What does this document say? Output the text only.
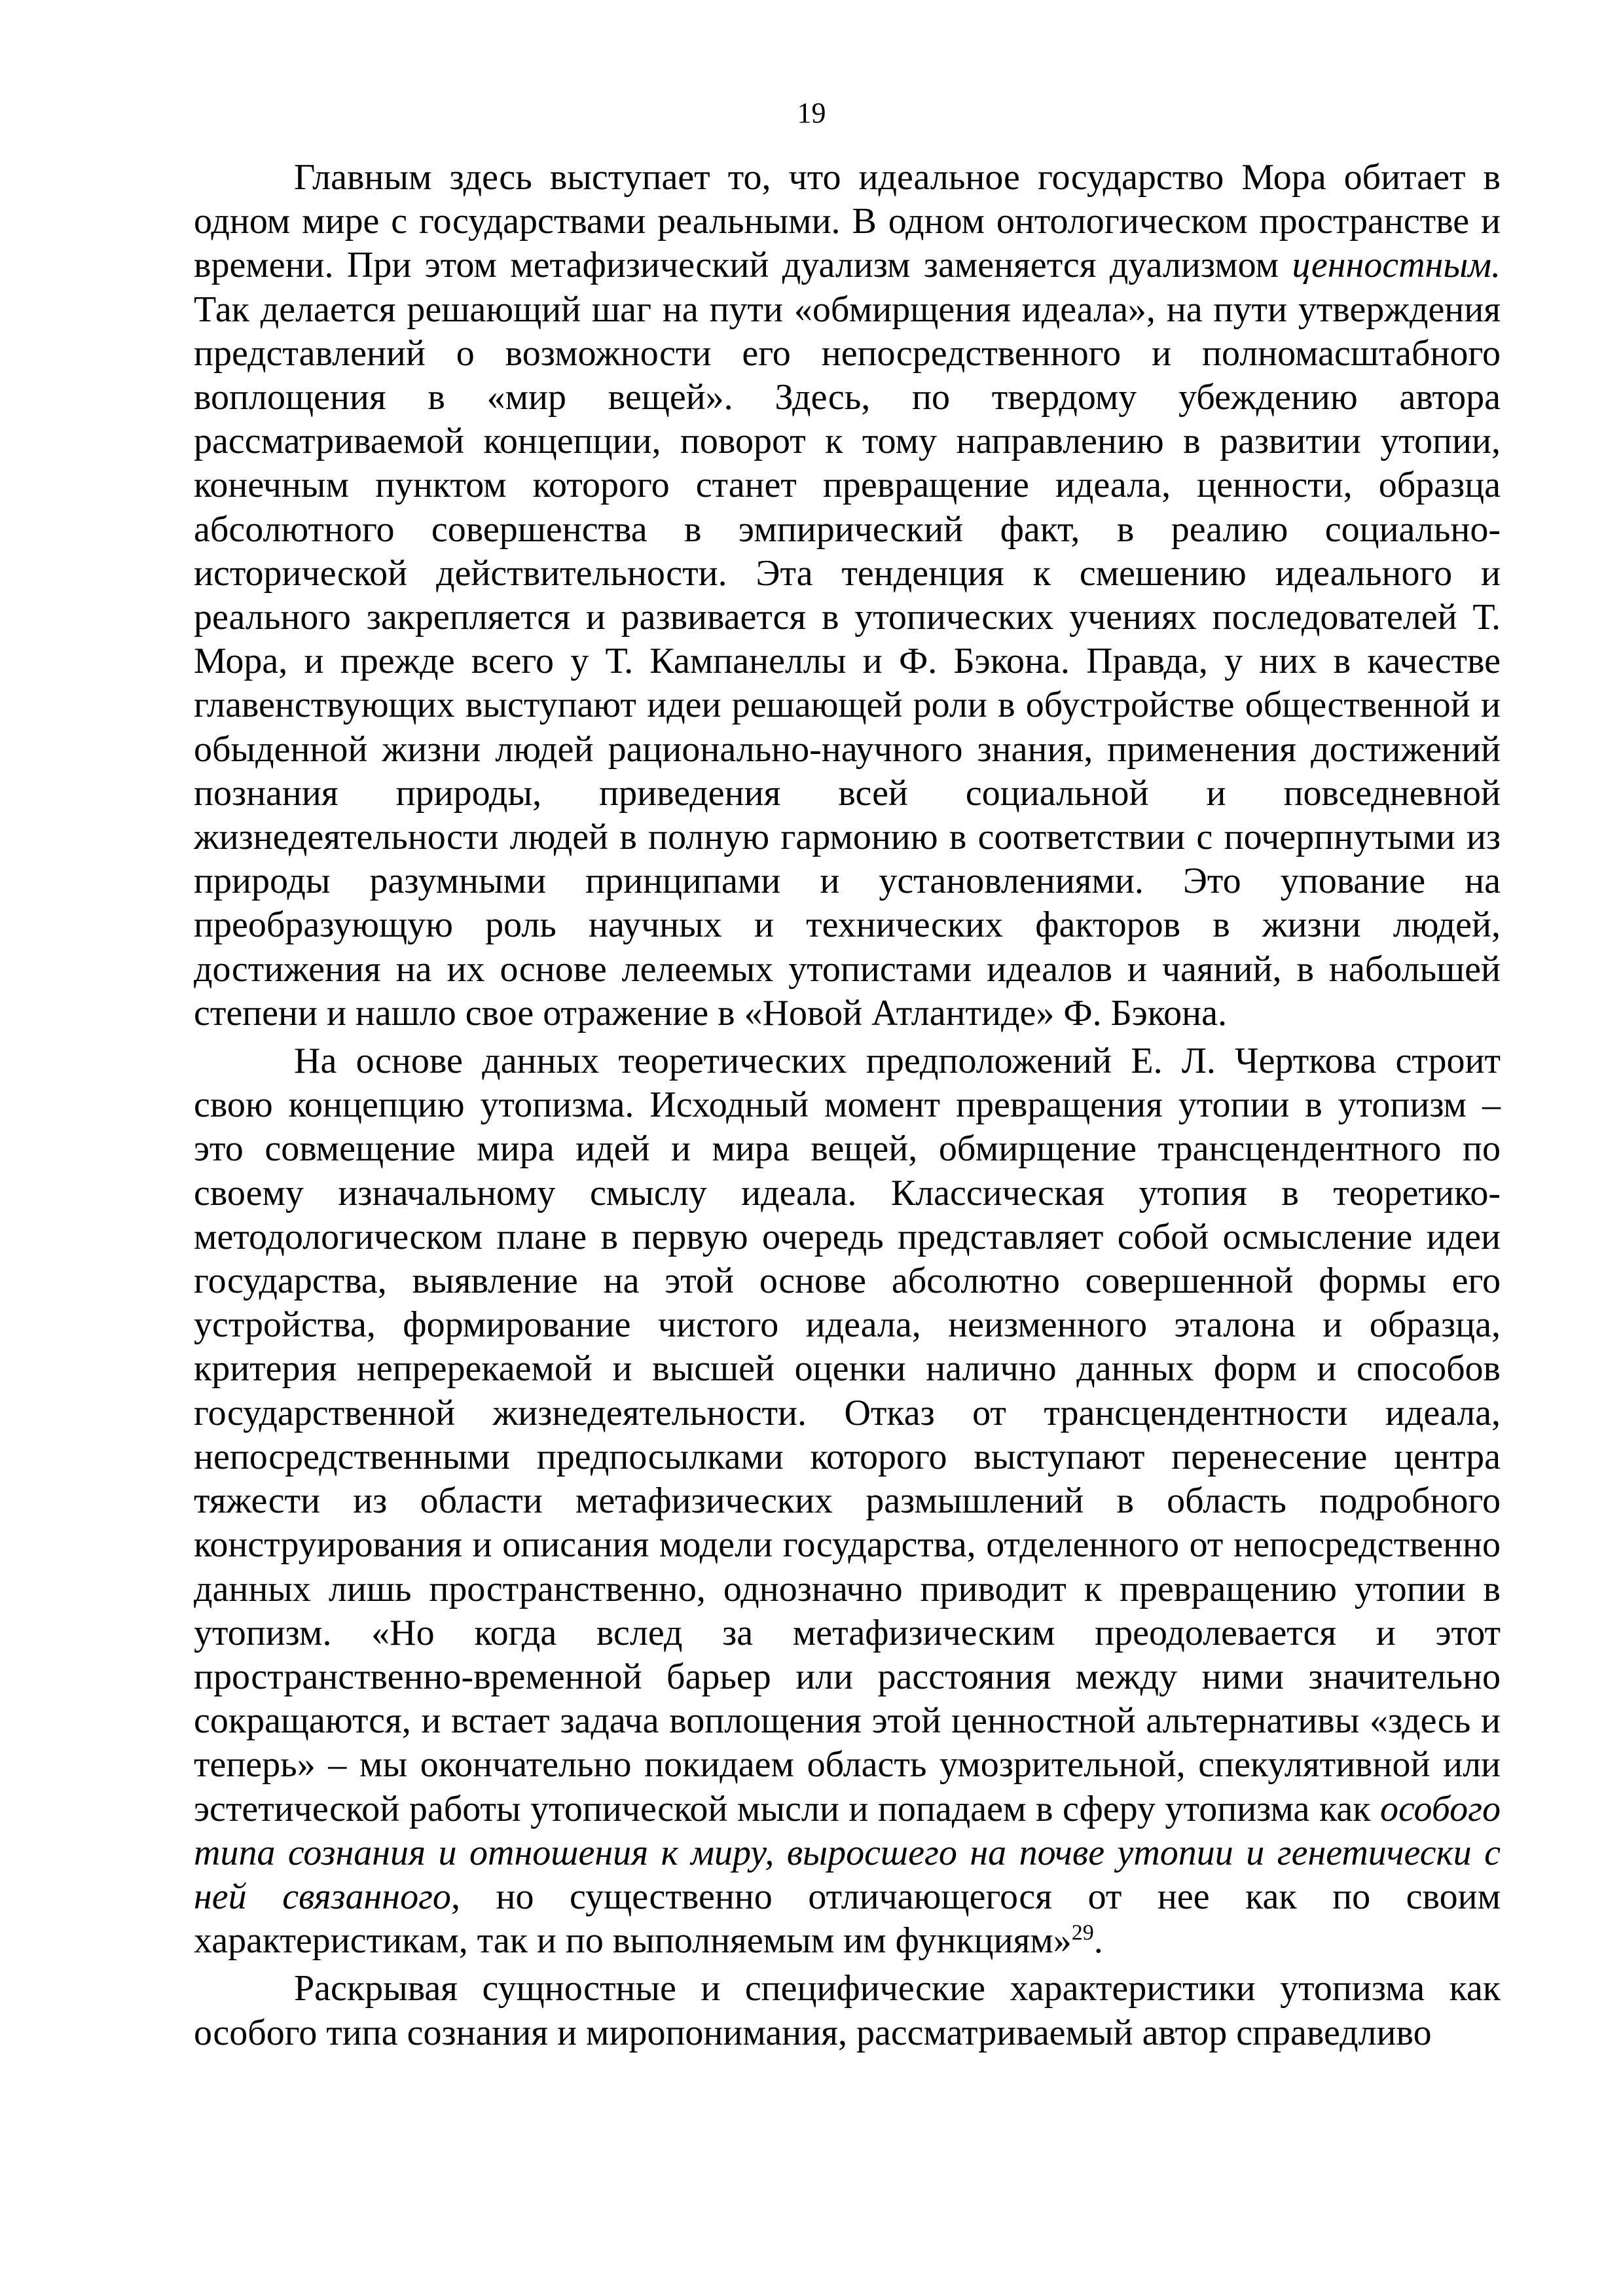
19

Главным здесь выступает то, что идеальное государство Мора обитает в одном мире с государствами реальными. В одном онтологическом пространстве и времени. При этом метафизический дуализм заменяется дуализмом ценностным. Так делается решающий шаг на пути «обмирщения идеала», на пути утверждения представлений о возможности его непосредственного и полномасштабного воплощения в «мир вещей». Здесь, по твердому убеждению автора рассматриваемой концепции, поворот к тому направлению в развитии утопии, конечным пунктом которого станет превращение идеала, ценности, образца абсолютного совершенства в эмпирический факт, в реалию социально-исторической действительности. Эта тенденция к смешению идеального и реального закрепляется и развивается в утопических учениях последователей Т. Мора, и прежде всего у Т. Кампанеллы и Ф. Бэкона. Правда, у них в качестве главенствующих выступают идеи решающей роли в обустройстве общественной и обыденной жизни людей рационально-научного знания, применения достижений познания природы, приведения всей социальной и повседневной жизнедеятельности людей в полную гармонию в соответствии с почерпнутыми из природы разумными принципами и установлениями. Это упование на преобразующую роль научных и технических факторов в жизни людей, достижения на их основе лелеемых утопистами идеалов и чаяний, в набольшей степени и нашло свое отражение в «Новой Атлантиде» Ф. Бэкона.

На основе данных теоретических предположений Е. Л. Черткова строит свою концепцию утопизма. Исходный момент превращения утопии в утопизм – это совмещение мира идей и мира вещей, обмирщение трансцендентного по своему изначальному смыслу идеала. Классическая утопия в теоретико-методологическом плане в первую очередь представляет собой осмысление идеи государства, выявление на этой основе абсолютно совершенной формы его устройства, формирование чистого идеала, неизменного эталона и образца, критерия непререкаемой и высшей оценки налично данных форм и способов государственной жизнедеятельности. Отказ от трансцендентности идеала, непосредственными предпосылками которого выступают перенесение центра тяжести из области метафизических размышлений в область подробного конструирования и описания модели государства, отделенного от непосредственно данных лишь пространственно, однозначно приводит к превращению утопии в утопизм. «Но когда вслед за метафизическим преодолевается и этот пространственно-временной барьер или расстояния между ними значительно сокращаются, и встает задача воплощения этой ценностной альтернативы «здесь и теперь» – мы окончательно покидаем область умозрительной, спекулятивной или эстетической работы утопической мысли и попадаем в сферу утопизма как особого типа сознания и отношения к миру, выросшего на почве утопии и генетически с ней связанного, но существенно отличающегося от нее как по своим характеристикам, так и по выполняемым им функциям»$^{29}$.

Раскрывая сущностные и специфические характеристики утопизма как особого типа сознания и миропонимания, рассматриваемый автор справедливо
